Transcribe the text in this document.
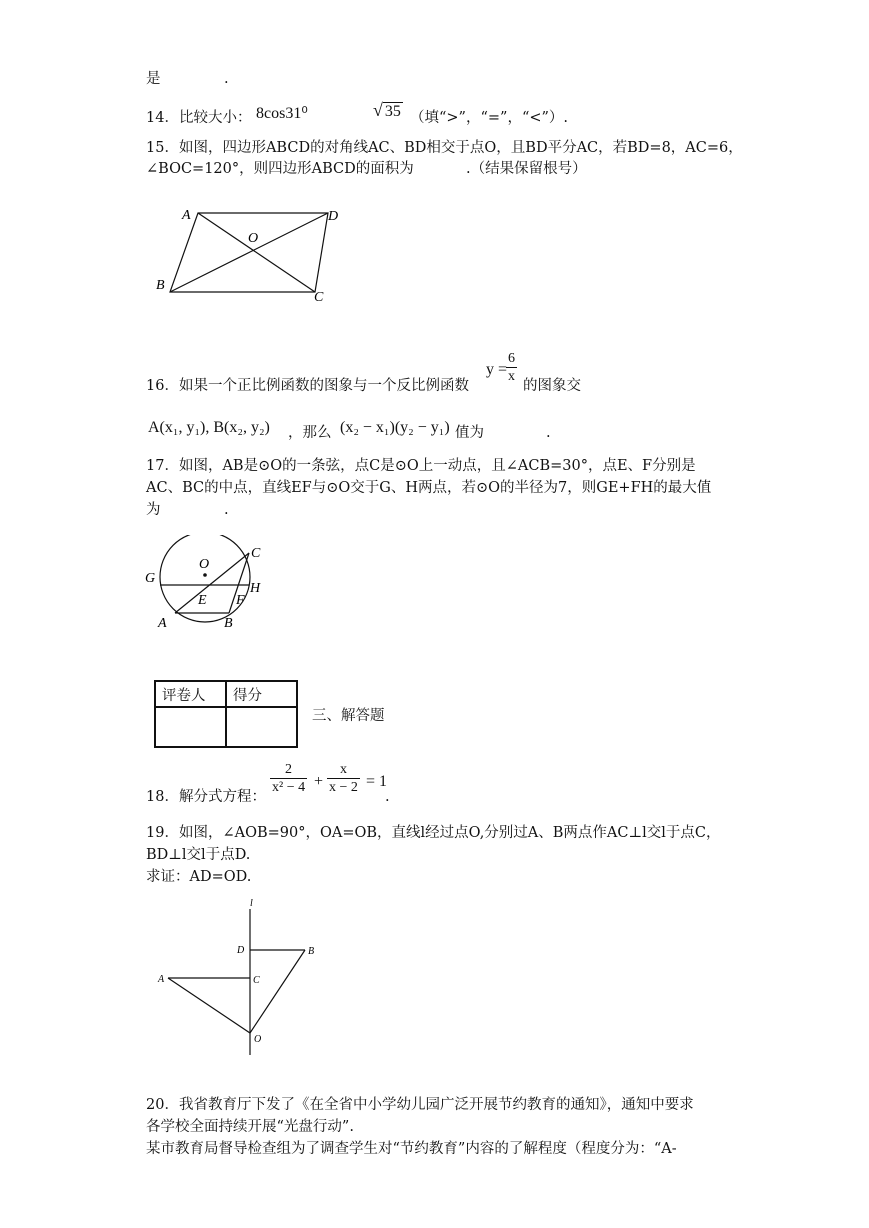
是	.
14．比较大小： 8cos31⁰	√ 35 （填“>”，“=”，“<”）.
15．如图，四边形ABCD的对角线AC、BD相交于点O，且BD平分AC，若BD=8，AC=6，
∠BOC=120°，则四边形ABCD的面积为	.（结果保留根号）
A	D
O
B
C
16．如果一个正比例函数的图象与一个反比例函数
y =
$\frac{6}{x}$
的图象交
A(x₁, y₁), B(x₂, y₂) ，那么 (x₂ − x₁)(y₂ − y₁) 值为	.
17．如图，AB是⊙O的一条弦，点C是⊙O上一动点，且∠ACB=30°，点E、F分别是
AC、BC的中点，直线EF与⊙O交于G、H两点，若⊙O的半径为7，则GE+FH的最大值
为	.
O
G
C
H
E F
A	B
评卷人	得分

三、解答题
18．解分式方程：
$\frac{2}{\text{x² − 4}} + \frac{x}{x - 2} = 1$
.
19．如图，∠AOB=90°，OA=OB，直线l经过点O,分别过A、B两点作AC⊥l交l于点C，
BD⊥l交l于点D.
求证：AD=OD.
l
D	B
A	C
O
20．我省教育厅下发了《在全省中小学幼儿园广泛开展节约教育的通知》，通知中要求
各学校全面持续开展“光盘行动”.
某市教育局督导检查组为了调查学生对“节约教育”内容的了解程度（程度分为：“A-
